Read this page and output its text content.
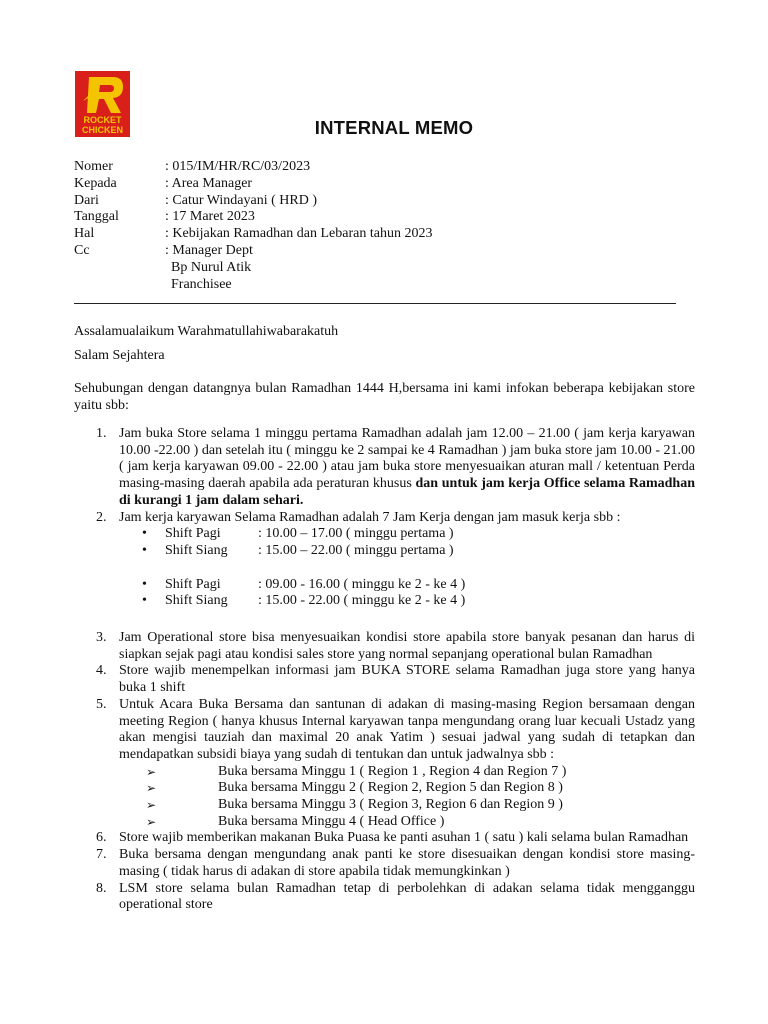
ROCKET
CHICKEN	INTERNAL MEMO
Nomer	: 015/IM/HR/RC/03/2023
Kepada	: Area Manager
Dari	: Catur Windayani ( HRD )
Tanggal	: 17 Maret 2023
Hal	: Kebijakan Ramadhan dan Lebaran tahun 2023
Cc	: Manager Dept
Bp Nurul Atik
Franchisee
Assalamualaikum Warahmatullahiwabarakatuh
Salam Sejahtera
Sehubungan dengan datangnya bulan Ramadhan 1444 H,bersama ini kami infokan beberapa kebijakan store yaitu sbb:
1. Jam buka Store selama 1 minggu pertama Ramadhan adalah jam 12.00 – 21.00 ( jam kerja karyawan 10.00 -22.00 ) dan setelah itu ( minggu ke 2 sampai ke 4 Ramadhan ) jam buka store jam 10.00 - 21.00 ( jam kerja karyawan 09.00 - 22.00 ) atau jam buka store menyesuaikan aturan mall / ketentuan Perda masing-masing daerah apabila ada peraturan khusus dan untuk jam kerja Office selama Ramadhan di kurangi 1 jam dalam sehari.
2. Jam kerja karyawan Selama Ramadhan adalah 7 Jam Kerja dengan jam masuk kerja sbb :
•	Shift Pagi	: 10.00 – 17.00 ( minggu pertama )
•	Shift Siang	: 15.00 – 22.00 ( minggu pertama )
•	Shift Pagi	: 09.00 - 16.00 ( minggu ke 2 - ke 4 )
•	Shift Siang	: 15.00 - 22.00 ( minggu ke 2 - ke 4 )
3. Jam Operational store bisa menyesuaikan kondisi store apabila store banyak pesanan dan harus di siapkan sejak pagi atau kondisi sales store yang normal sepanjang operational bulan Ramadhan
4. Store wajib menempelkan informasi jam BUKA STORE selama Ramadhan juga store yang hanya buka 1 shift
5. Untuk Acara Buka Bersama dan santunan di adakan di masing-masing Region bersamaan dengan meeting Region ( hanya khusus Internal karyawan tanpa mengundang orang luar kecuali Ustadz yang akan mengisi tauziah dan maximal 20 anak Yatim ) sesuai jadwal yang sudah di tetapkan dan mendapatkan subsidi biaya yang sudah di tentukan dan untuk jadwalnya sbb :
➢	Buka bersama Minggu 1 ( Region 1 , Region 4 dan Region 7 )
➢	Buka bersama Minggu 2 ( Region 2, Region 5 dan Region 8 )
➢	Buka bersama Minggu 3 ( Region 3, Region 6 dan Region 9 )
➢	Buka bersama Minggu 4 ( Head Office )
6. Store wajib memberikan makanan Buka Puasa ke panti asuhan 1 ( satu ) kali selama bulan Ramadhan
7. Buka bersama dengan mengundang anak panti ke store disesuaikan dengan kondisi store masing-masing ( tidak harus di adakan di store apabila tidak memungkinkan )
8. LSM store selama bulan Ramadhan tetap di perbolehkan di adakan selama tidak mengganggu operational store
